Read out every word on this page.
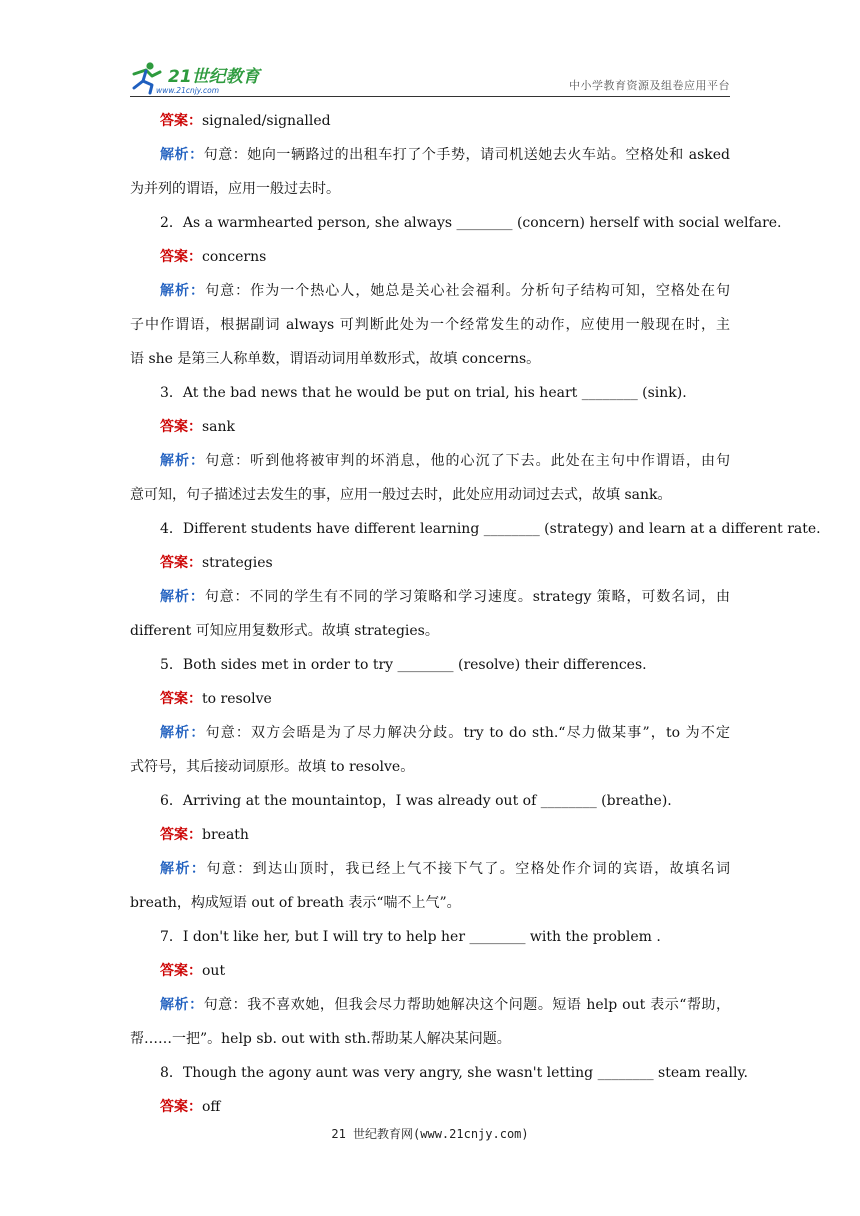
21世纪教育
www.21cnjy.com	中小学教育资源及组卷应用平台
答案：signaled/signalled
解析：句意：她向一辆路过的出租车打了个手势，请司机送她去火车站。空格处和 asked
为并列的谓语，应用一般过去时。
2．As a warmhearted person, she always ________ (concern) herself with social welfare.
答案：concerns
解析：句意：作为一个热心人，她总是关心社会福利。分析句子结构可知，空格处在句
子中作谓语，根据副词 always 可判断此处为一个经常发生的动作，应使用一般现在时，主
语 she 是第三人称单数，谓语动词用单数形式，故填 concerns。
3．At the bad news that he would be put on trial, his heart ________ (sink).
答案：sank
解析：句意：听到他将被审判的坏消息，他的心沉了下去。此处在主句中作谓语，由句
意可知，句子描述过去发生的事，应用一般过去时，此处应用动词过去式，故填 sank。
4．Different students have different learning ________ (strategy) and learn at a different rate.
答案：strategies
解析：句意：不同的学生有不同的学习策略和学习速度。strategy 策略，可数名词，由
different 可知应用复数形式。故填 strategies。
5．Both sides met in order to try ________ (resolve) their differences.
答案：to resolve
解析：句意：双方会晤是为了尽力解决分歧。try to do sth.“尽力做某事”，to 为不定
式符号，其后接动词原形。故填 to resolve。
6．Arriving at the mountaintop，I was already out of ________ (breathe).
答案：breath
解析：句意：到达山顶时，我已经上气不接下气了。空格处作介词的宾语，故填名词
breath，构成短语 out of breath 表示“喘不上气”。
7．I don't like her, but I will try to help her ________ with the problem .
答案：out
解析：句意：我不喜欢她，但我会尽力帮助她解决这个问题。短语 help out 表示“帮助，
帮……一把”。help sb. out with sth.帮助某人解决某问题。
8．Though the agony aunt was very angry, she wasn't letting ________ steam really.
答案：off
21 世纪教育网(www.21cnjy.com)
